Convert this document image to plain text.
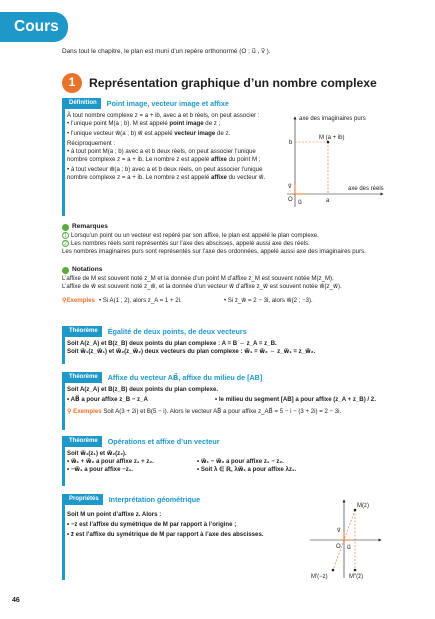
Cours
Dans tout le chapitre, le plan est muni d’un repère orthonormé (O ; u⃗ , v⃗ ).
1	Représentation graphique d’un nombre complexe
Définition	Point image, vecteur image et affixe
À tout nombre complexe z = a + ib, avec a et b réels, on peut associer :
• l’unique point M(a ; b). M est appelé point image de z ;
• l’unique vecteur w⃗(a ; b) w⃗ est appelé vecteur image de z.
Réciproquement :
• à tout point M(a ; b) avec a et b deux réels, on peut associer l’unique
nombre complexe z = a + ib. Le nombre z est appelé affixe du point M ;
• à tout vecteur w⃗(a ; b) avec a et b deux réels, on peut associer l’unique
nombre complexe z = a + ib. Le nombre z est appelé affixe du vecteur w⃗.
axe des imaginaires purs
M (a + ib)
b
a
O u⃗
v⃗	axe des réels
Remarques
1 Lorsqu’un point ou un vecteur est repéré par son affixe, le plan est appelé le plan complexe.
2 Les nombres réels sont représentés sur l’axe des abscisses, appelé aussi axe des réels.
Les nombres imaginaires purs sont représentés sur l’axe des ordonnées, appelé aussi axe des imaginaires purs.
Notations
L’affixe de M est souvent noté z_M et la donnée d’un point M d’affixe z_M est souvent notée M(z_M).
L’affixe de w⃗ est souvent noté z_w⃗, et la donnée d’un vecteur w⃗ d’affixe z_w⃗ est souvent notée w⃗(z_w⃗).
⚲ Exemples • Si A(1 ; 2), alors z_A = 1 + 2i.	• Si z_w⃗ = 2 − 3i, alors w⃗(2 ; −3).
Théorème	Égalité de deux points, de deux vecteurs
Soit A(z_A) et B(z_B) deux points du plan complexe : A = B ⇔ z_A = z_B.
Soit w⃗₁(z_w⃗₁) et w⃗₂(z_w⃗₂) deux vecteurs du plan complexe : w⃗₁ = w⃗₂ ⇔ z_w⃗₁ = z_w⃗₂.
Théorème	Affixe du vecteur AB⃗, affixe du milieu de [AB]
Soit A(z_A) et B(z_B) deux points du plan complexe.
• AB⃗ a pour affixe z_B − z_A	• le milieu du segment [AB] a pour affixe (z_A + z_B) / 2.
⚲ Exemples Soit A(3 + 2i) et B(5 − i). Alors le vecteur AB⃗ a pour affixe z_AB⃗ = 5 − i − (3 + 2i) = 2 − 3i.
Théorème	Opérations et affixe d’un vecteur
Soit w⃗₁(z₁) et w⃗₂(z₂).
• w⃗₁ + w⃗₂ a pour affixe z₁ + z₂.	• w⃗₁ − w⃗₂ a pour affixe z₁ − z₂.
• −w⃗₁ a pour affixe −z₁.	• Soit λ ∈ ℝ, λw⃗₁ a pour affixe λz₁.
Propriétés	Interprétation géométrique
Soit M un point d’affixe z. Alors :
• −z est l’affixe du symétrique de M par rapport à l’origine ;
• z̄ est l’affixe du symétrique de M par rapport à l’axe des abscisses.
M(z)
O u⃗
v⃗
M′(−z)	M″(z̄)
46
